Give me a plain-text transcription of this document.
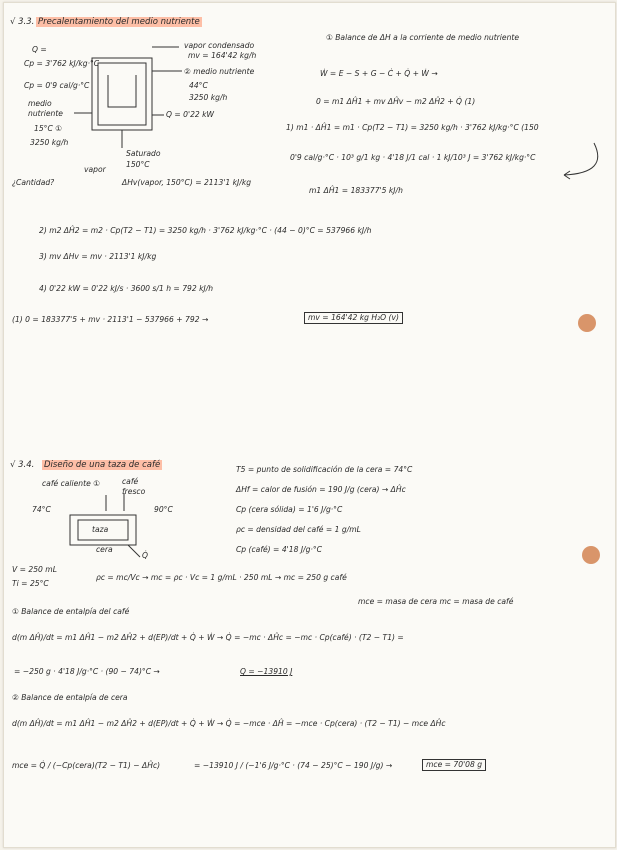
√ 3.3. Precalentamiento del medio nutriente
Q =
Cp = 3'762 kJ/kg·°C
Cp = 0'9 cal/g·°C
medio
nutriente
15°C ①
3250 kg/h
vapor condensado
mv = 164'42 kg/h
② medio nutriente
44°C
3250 kg/h
Q = 0'22 kW
vapor
Saturado
150°C
¿Cantidad?	ΔHv(vapor, 150°C) = 2113'1 kJ/kg
① Balance de ΔH a la corriente de medio nutriente
Ẇ = E − S + G − Ċ + Q̇ + Ẇ →
0 = m1 ΔĤ1 + mv ΔĤv − m2 ΔĤ2 + Q̇ (1)
1) m1 · ΔĤ1 = m1 · Cp(T2 − T1) = 3250 kg/h · 3'762 kJ/kg·°C (150
0'9 cal/g·°C · 10³ g/1 kg · 4'18 J/1 cal · 1 kJ/10³ J = 3'762 kJ/kg·°C
m1 ΔĤ1 = 183377'5 kJ/h
2) m2 ΔĤ2 = m2 · Cp(T2 − T1) = 3250 kg/h · 3'762 kJ/kg·°C · (44 − 0)°C = 537966 kJ/h
3) mv ΔHv = mv · 2113'1 kJ/kg
4) 0'22 kW = 0'22 kJ/s · 3600 s/1 h = 792 kJ/h
(1) 0 = 183377'5 + mv · 2113'1 − 537966 + 792 →	mv = 164'42 kg H₂O (v)
√ 3.4. Diseño de una taza de café
café caliente ①	café fresco
90°C
74°C
taza
cera
Q̇
T5 = punto de solidificación de la cera = 74°C
ΔHf = calor de fusión = 190 J/g (cera) → ΔĤc
Cp (cera sólida) = 1'6 J/g·°C
ρc = densidad del café = 1 g/mL
Cp (café) = 4'18 J/g·°C
V = 250 mL
Ti = 25°C
ρc = mc/Vc → mc = ρc · Vc = 1 g/mL · 250 mL → mc = 250 g café
mce = masa de cera mc = masa de café
① Balance de entalpía del café
d(m ΔĤ)/dt = m1 ΔĤ1 − m2 ΔĤ2 + d(EP)/dt + Q̇ + Ẇ → Q̇ = −mc · ΔĤc = −mc · Cp(café) · (T2 − T1) =
= −250 g · 4'18 J/g·°C · (90 − 74)°C →	Q = −13910 J
② Balance de entalpía de cera
d(m ΔĤ)/dt = m1 ΔĤ1 − m2 ΔĤ2 + d(EP)/dt + Q̇ + Ẇ → Q̇ = −mce · ΔĤ = −mce · Cp(cera) · (T2 − T1) − mce ΔĤc
mce = Q̇ / (−Cp(cera)(T2 − T1) − ΔĤc)	= −13910 J / (−1'6 J/g·°C · (74 − 25)°C − 190 J/g) →	mce = 70'08 g
